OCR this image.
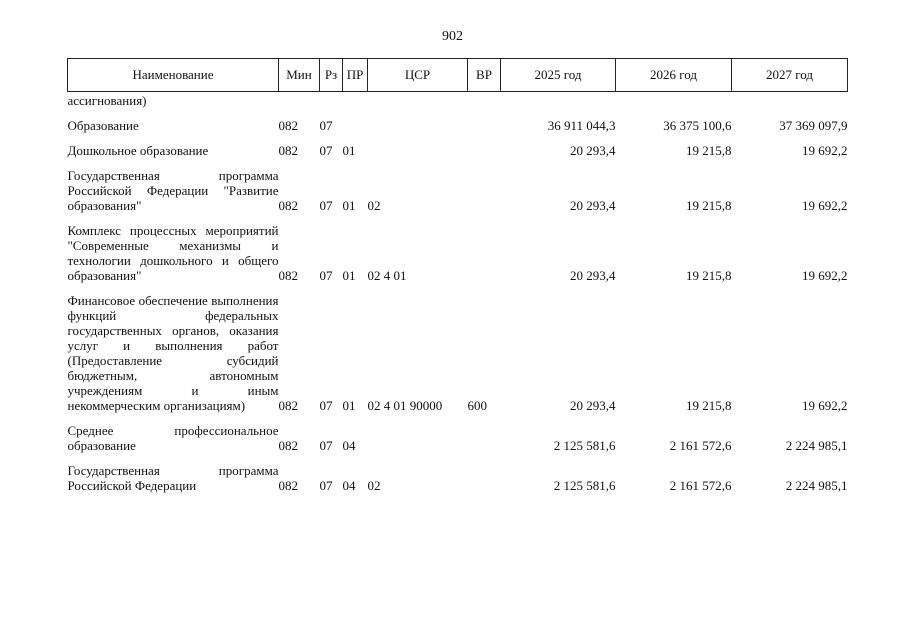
902
Наименование	Мин	Рз	ПР	ЦСР	ВР	2025 год	2026 год	2027 год
ассигнования)								
Образование	082	07				36 911 044,3	36 375 100,6	37 369 097,9
Дошкольное образование	082	07	01			20 293,4	19 215,8	19 692,2
Государственная программа Российской Федерации "Развитие образования"	082	07	01	02		20 293,4	19 215,8	19 692,2
Комплекс процессных мероприятий "Современные механизмы и технологии дошкольного и общего образования"	082	07	01	02 4 01		20 293,4	19 215,8	19 692,2
Финансовое обеспечение выполнения функций федеральных государственных органов, оказания услуг и выполнения работ (Предоставление субсидий бюджетным, автономным учреждениям и иным некоммерческим организациям)	082	07	01	02 4 01 90000	600	20 293,4	19 215,8	19 692,2
Среднее профессиональное образование	082	07	04			2 125 581,6	2 161 572,6	2 224 985,1
Государственная программа Российской Федерации	082	07	04	02		2 125 581,6	2 161 572,6	2 224 985,1
